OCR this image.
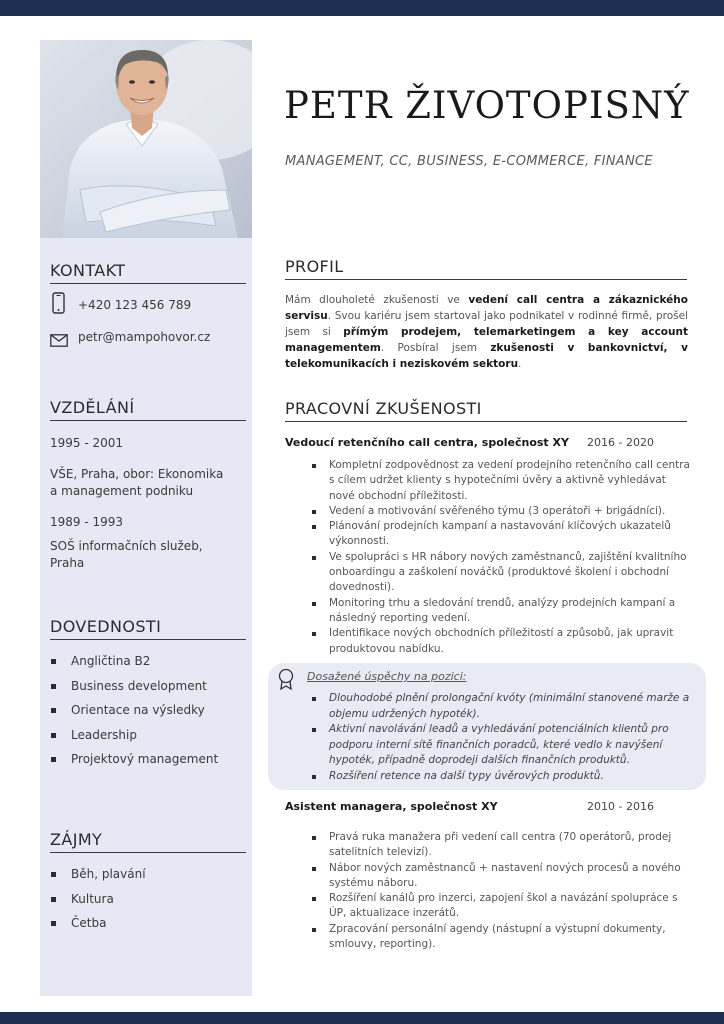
KONTAKT
+420 123 456 789
petr@mampohovor.cz
VZDĚLÁNÍ
1995 - 2001
VŠE, Praha, obor: Ekonomika a management podniku
1989 - 1993
SOŠ informačních služeb, Praha
DOVEDNOSTI
Angličtina B2
Business development
Orientace na výsledky
Leadership
Projektový management
ZÁJMY
Běh, plavání
Kultura
Četba
PETR ŽIVOTOPISNÝ
MANAGEMENT, CC, BUSINESS, E-COMMERCE, FINANCE
PROFIL

Mám dlouholeté zkušenosti ve vedení call centra a zákaznického servisu. Svou kariéru jsem startoval jako podnikatel v rodinné firmě, prošel jsem si přímým prodejem, telemarketingem a key account managementem. Posbíral jsem zkušenosti v bankovnictví, v telekomunikacích i neziskovém sektoru.

PRACOVNÍ ZKUŠENOSTI
Vedoucí retenčního call centra, společnost XY 2016 - 2020
Kompletní zodpovědnost za vedení prodejního retenčního call centra s cílem udržet klienty s hypotečními úvěry a aktivně vyhledávat nové obchodní příležitosti.
Vedení a motivování svěřeného týmu (3 operátoři + brigádníci).
Plánování prodejních kampaní a nastavování klíčových ukazatelů výkonnosti.
Ve spolupráci s HR nábory nových zaměstnanců, zajištění kvalitního onboardingu a zaškolení nováčků (produktové školení i obchodní dovednosti).
Monitoring trhu a sledování trendů, analýzy prodejních kampaní a následný reporting vedení.
Identifikace nových obchodních příležitostí a způsobů, jak upravit produktovou nabídku.
Dosažené úspěchy na pozici:
Dlouhodobé plnění prolongační kvóty (minimální stanovené marže a objemu udržených hypoték).
Aktivní navolávání leadů a vyhledávání potenciálních klientů pro podporu interní sítě finančních poradců, které vedlo k navýšení hypoték, případně doprodeji dalších finančních produktů.
Rozšíření retence na další typy úvěrových produktů.
Asistent managera, společnost XY	2010 - 2016
Pravá ruka manažera při vedení call centra (70 operátorů, prodej satelitních televizí).
Nábor nových zaměstnanců + nastavení nových procesů a nového systému náboru.
Rozšíření kanálů pro inzerci, zapojení škol a navázání spolupráce s ÚP, aktualizace inzerátů.
Zpracování personální agendy (nástupní a výstupní dokumenty, smlouvy, reporting).
